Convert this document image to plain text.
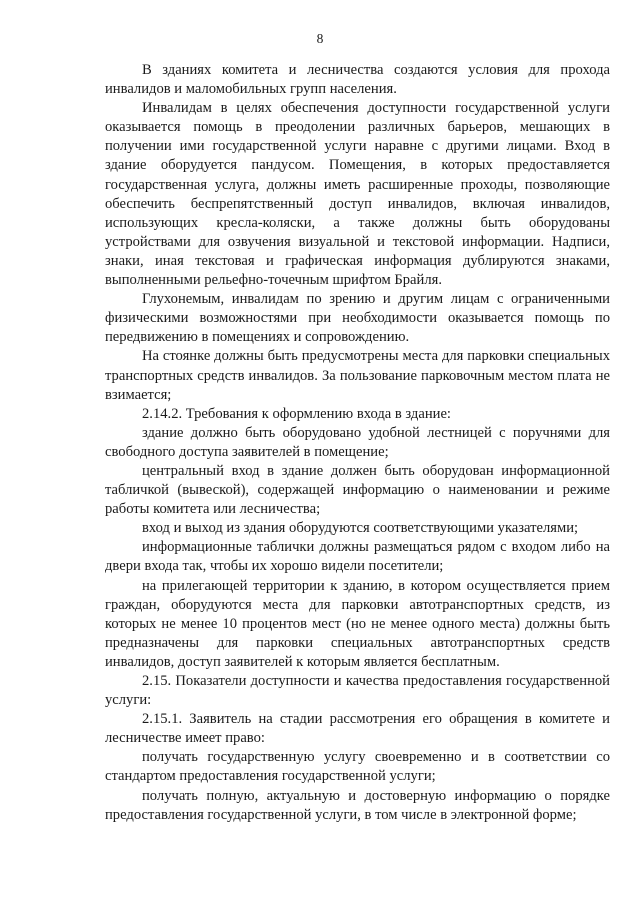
8

В зданиях комитета и лесничества создаются условия для прохода инвалидов и маломобильных групп населения.

Инвалидам в целях обеспечения доступности государственной услуги оказывается помощь в преодолении различных барьеров, мешающих в получении ими государственной услуги наравне с другими лицами. Вход в здание оборудуется пандусом. Помещения, в которых предоставляется государственная услуга, должны иметь расширенные проходы, позволяющие обеспечить беспрепятственный доступ инвалидов, включая инвалидов, использующих кресла-коляски, а также должны быть оборудованы устройствами для озвучения визуальной и текстовой информации. Надписи, знаки, иная текстовая и графическая информация дублируются знаками, выполненными рельефно-точечным шрифтом Брайля.

Глухонемым, инвалидам по зрению и другим лицам с ограниченными физическими возможностями при необходимости оказывается помощь по передвижению в помещениях и сопровождению.

На стоянке должны быть предусмотрены места для парковки специальных транспортных средств инвалидов. За пользование парковочным местом плата не взимается;

2.14.2. Требования к оформлению входа в здание:

здание должно быть оборудовано удобной лестницей с поручнями для свободного доступа заявителей в помещение;

центральный вход в здание должен быть оборудован информационной табличкой (вывеской), содержащей информацию о наименовании и режиме работы комитета или лесничества;

вход и выход из здания оборудуются соответствующими указателями;

информационные таблички должны размещаться рядом с входом либо на двери входа так, чтобы их хорошо видели посетители;

на прилегающей территории к зданию, в котором осуществляется прием граждан, оборудуются места для парковки автотранспортных средств, из которых не менее 10 процентов мест (но не менее одного места) должны быть предназначены для парковки специальных автотранспортных средств инвалидов, доступ заявителей к которым является бесплатным.

2.15. Показатели доступности и качества предоставления государственной услуги:

2.15.1. Заявитель на стадии рассмотрения его обращения в комитете и лесничестве имеет право:

получать государственную услугу своевременно и в соответствии со стандартом предоставления государственной услуги;

получать полную, актуальную и достоверную информацию о порядке предоставления государственной услуги, в том числе в электронной форме;
